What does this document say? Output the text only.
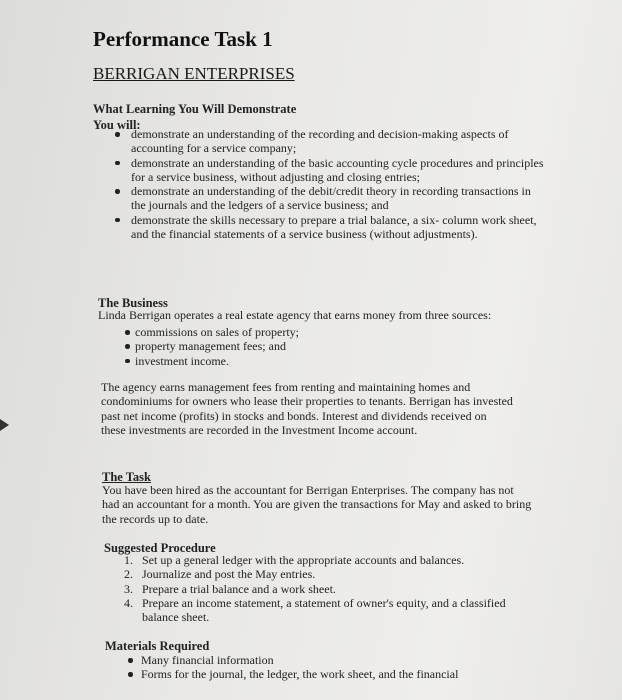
Performance Task 1
BERRIGAN ENTERPRISES
What Learning You Will Demonstrate
You will:
demonstrate an understanding of the recording and decision-making aspects of accounting for a service company;
demonstrate an understanding of the basic accounting cycle procedures and principles for a service business, without adjusting and closing entries;
demonstrate an understanding of the debit/credit theory in recording transactions in the journals and the ledgers of a service business; and
demonstrate the skills necessary to prepare a trial balance, a six- column work sheet, and the financial statements of a service business (without adjustments).
The Business
Linda Berrigan operates a real estate agency that earns money from three sources:
commissions on sales of property;
property management fees; and
investment income.
The agency earns management fees from renting and maintaining homes and condominiums for owners who lease their properties to tenants. Berrigan has invested past net income (profits) in stocks and bonds. Interest and dividends received on these investments are recorded in the Investment Income account.
The Task
You have been hired as the accountant for Berrigan Enterprises. The company has not had an accountant for a month. You are given the transactions for May and asked to bring the records up to date.
Suggested Procedure
1. Set up a general ledger with the appropriate accounts and balances.
2. Journalize and post the May entries.
3. Prepare a trial balance and a work sheet.
4. Prepare an income statement, a statement of owner's equity, and a classified balance sheet.
Materials Required
Many financial information
Forms for the journal, the ledger, the work sheet, and the financial
